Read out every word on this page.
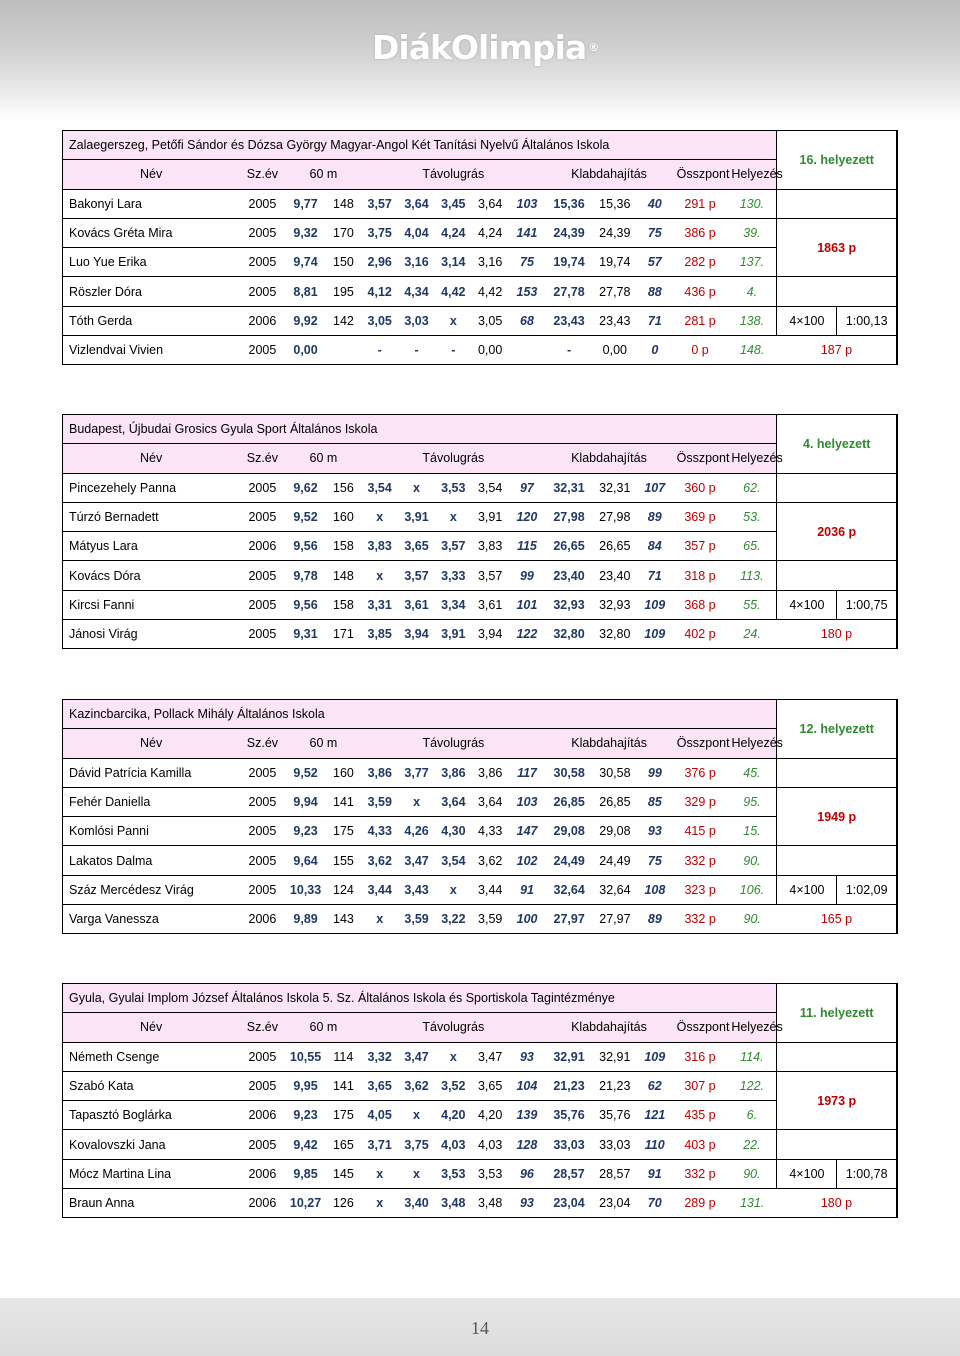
DiákOlimpia ®
Zalaegerszeg, Petőfi Sándor és Dózsa György Magyar-Angol Két Tanítási Nyelvű Általános Iskola														16. helyezett	
Név	Sz.év	60 m		Távolugrás					Klabdahajítás			Összpont	Helyezés		
Bakonyi Lara	2005	9,77	148	3,57	3,64	3,45	3,64	103	15,36	15,36	40	291 p	130.		
Kovács Gréta Mira	2005	9,32	170	3,75	4,04	4,24	4,24	141	24,39	24,39	75	386 p	39.	1863 p	
Luo Yue Erika	2005	9,74	150	2,96	3,16	3,14	3,16	75	19,74	19,74	57	282 p	137.		
Röszler Dóra	2005	8,81	195	4,12	4,34	4,42	4,42	153	27,78	27,78	88	436 p	4.		
Tóth Gerda	2006	9,92	142	3,05	3,03	x	3,05	68	23,43	23,43	71	281 p	138.	4×100	1:00,13
Vizlendvai Vivien	2005	0,00		-	-	-	0,00		-	0,00	0	0 p	148.	187 p	
Budapest, Újbudai Grosics Gyula Sport Általános Iskola														4. helyezett	
Név	Sz.év	60 m		Távolugrás					Klabdahajítás			Összpont	Helyezés		
Pincezehely Panna	2005	9,62	156	3,54	x	3,53	3,54	97	32,31	32,31	107	360 p	62.		
Túrzó Bernadett	2005	9,52	160	x	3,91	x	3,91	120	27,98	27,98	89	369 p	53.	2036 p	
Mátyus Lara	2006	9,56	158	3,83	3,65	3,57	3,83	115	26,65	26,65	84	357 p	65.		
Kovács Dóra	2005	9,78	148	x	3,57	3,33	3,57	99	23,40	23,40	71	318 p	113.		
Kircsi Fanni	2005	9,56	158	3,31	3,61	3,34	3,61	101	32,93	32,93	109	368 p	55.	4×100	1:00,75
Jánosi Virág	2005	9,31	171	3,85	3,94	3,91	3,94	122	32,80	32,80	109	402 p	24.	180 p	
Kazincbarcika, Pollack Mihály Általános Iskola														12. helyezett	
Név	Sz.év	60 m		Távolugrás					Klabdahajítás			Összpont	Helyezés		
Dávid Patrícia Kamilla	2005	9,52	160	3,86	3,77	3,86	3,86	117	30,58	30,58	99	376 p	45.		
Fehér Daniella	2005	9,94	141	3,59	x	3,64	3,64	103	26,85	26,85	85	329 p	95.	1949 p	
Komlósi Panni	2005	9,23	175	4,33	4,26	4,30	4,33	147	29,08	29,08	93	415 p	15.		
Lakatos Dalma	2005	9,64	155	3,62	3,47	3,54	3,62	102	24,49	24,49	75	332 p	90.		
Száz Mercédesz Virág	2005	10,33	124	3,44	3,43	x	3,44	91	32,64	32,64	108	323 p	106.	4×100	1:02,09
Varga Vanessza	2006	9,89	143	x	3,59	3,22	3,59	100	27,97	27,97	89	332 p	90.	165 p	
Gyula, Gyulai Implom József Általános Iskola 5. Sz. Általános Iskola és Sportiskola Tagintézménye														11. helyezett	
Név	Sz.év	60 m		Távolugrás					Klabdahajítás			Összpont	Helyezés		
Németh Csenge	2005	10,55	114	3,32	3,47	x	3,47	93	32,91	32,91	109	316 p	114.		
Szabó Kata	2005	9,95	141	3,65	3,62	3,52	3,65	104	21,23	21,23	62	307 p	122.	1973 p	
Tapasztó Boglárka	2006	9,23	175	4,05	x	4,20	4,20	139	35,76	35,76	121	435 p	6.		
Kovalovszki Jana	2005	9,42	165	3,71	3,75	4,03	4,03	128	33,03	33,03	110	403 p	22.		
Mócz Martina Lina	2006	9,85	145	x	x	3,53	3,53	96	28,57	28,57	91	332 p	90.	4×100	1:00,78
Braun Anna	2006	10,27	126	x	3,40	3,48	3,48	93	23,04	23,04	70	289 p	131.	180 p	
14
